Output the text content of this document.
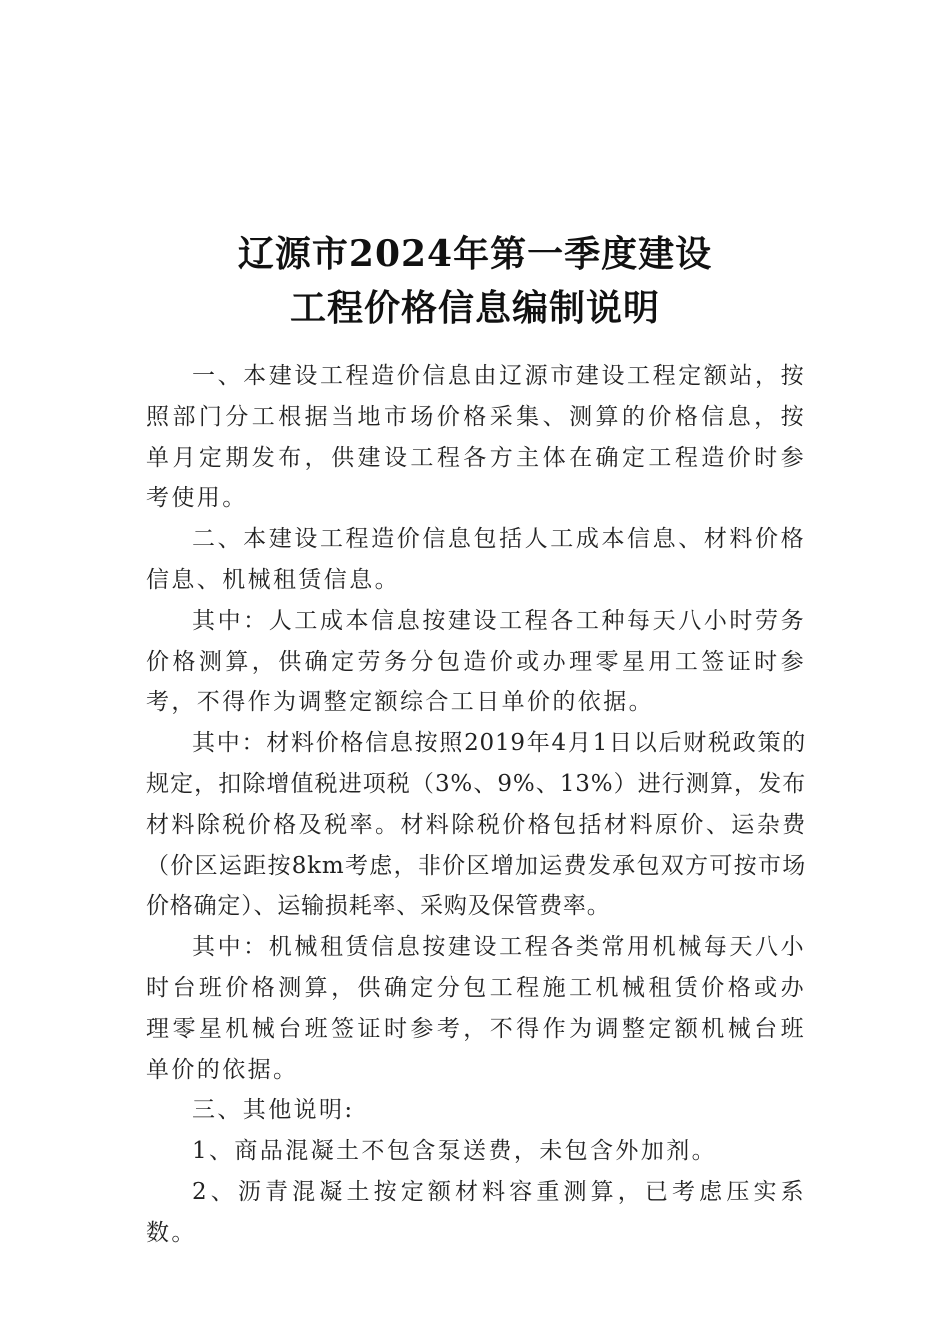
辽源市2024年第一季度建设
工程价格信息编制说明

一、本建设工程造价信息由辽源市建设工程定额站，按照部门分工根据当地市场价格采集、测算的价格信息，按单月定期发布，供建设工程各方主体在确定工程造价时参考使用。

二、本建设工程造价信息包括人工成本信息、材料价格信息、机械租赁信息。

其中：人工成本信息按建设工程各工种每天八小时劳务价格测算，供确定劳务分包造价或办理零星用工签证时参考，不得作为调整定额综合工日单价的依据。

其中：材料价格信息按照2019年4月1日以后财税政策的规定，扣除增值税进项税（3%、9%、13%）进行测算，发布材料除税价格及税率。材料除税价格包括材料原价、运杂费（价区运距按8km考虑，非价区增加运费发承包双方可按市场价格确定）、运输损耗率、采购及保管费率。

其中：机械租赁信息按建设工程各类常用机械每天八小时台班价格测算，供确定分包工程施工机械租赁价格或办理零星机械台班签证时参考，不得作为调整定额机械台班单价的依据。

三、其他说明:

1、商品混凝土不包含泵送费，未包含外加剂。

2、沥青混凝土按定额材料容重测算，已考虑压实系数。
